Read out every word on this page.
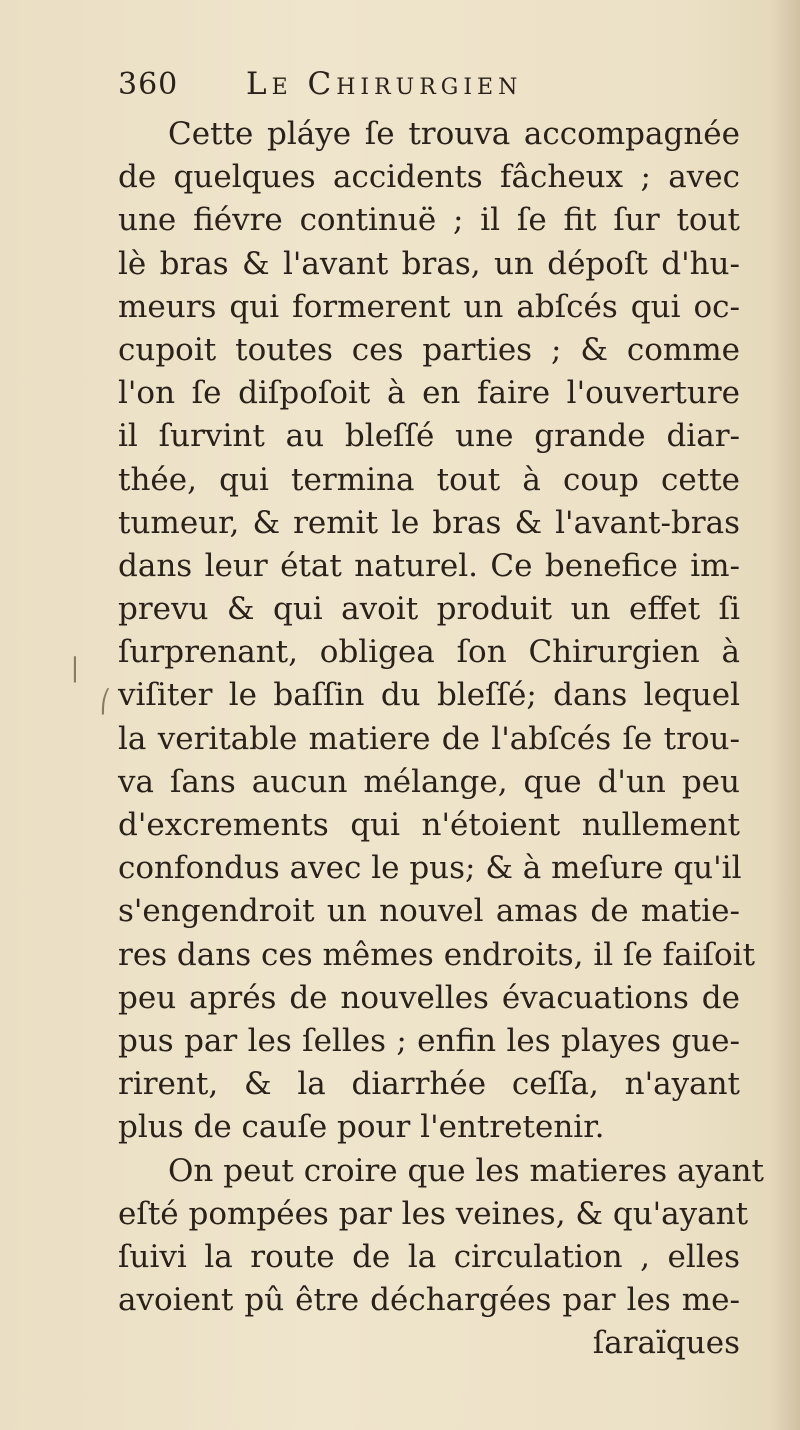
360	Le Chirurgien
Cette pláye ſe trouva accompagnée
de quelques accidents fâcheux ; avec
une fiévre continuë ; il ſe fit ſur tout
lè bras & l'avant bras, un dépoſt d'hu-
meurs qui formerent un abſcés qui oc-
cupoit toutes ces parties ; & comme
l'on ſe diſpoſoit à en faire l'ouverture
il ſurvint au bleſſé une grande diar-
thée, qui termina tout à coup cette
tumeur, & remit le bras & l'avant-bras
dans leur état naturel. Ce benefice im-
prevu & qui avoit produit un effet ſi
ſurprenant, obligea ſon Chirurgien à
viſiter le baſſin du bleſſé; dans lequel
la veritable matiere de l'abſcés ſe trou-
va ſans aucun mélange, que d'un peu
d'excrements qui n'étoient nullement
confondus avec le pus; & à meſure qu'il
s'engendroit un nouvel amas de matie-
res dans ces mêmes endroits, il ſe faiſoit
peu aprés de nouvelles évacuations de
pus par les ſelles ; enfin les playes gue-
rirent, & la diarrhée ceſſa, n'ayant
plus de cauſe pour l'entretenir.
On peut croire que les matieres ayant
eſté pompées par les veines, & qu'ayant
ſuivi la route de la circulation , elles
avoient pû être déchargées par les me-
ſaraïques
⎜
⎛
